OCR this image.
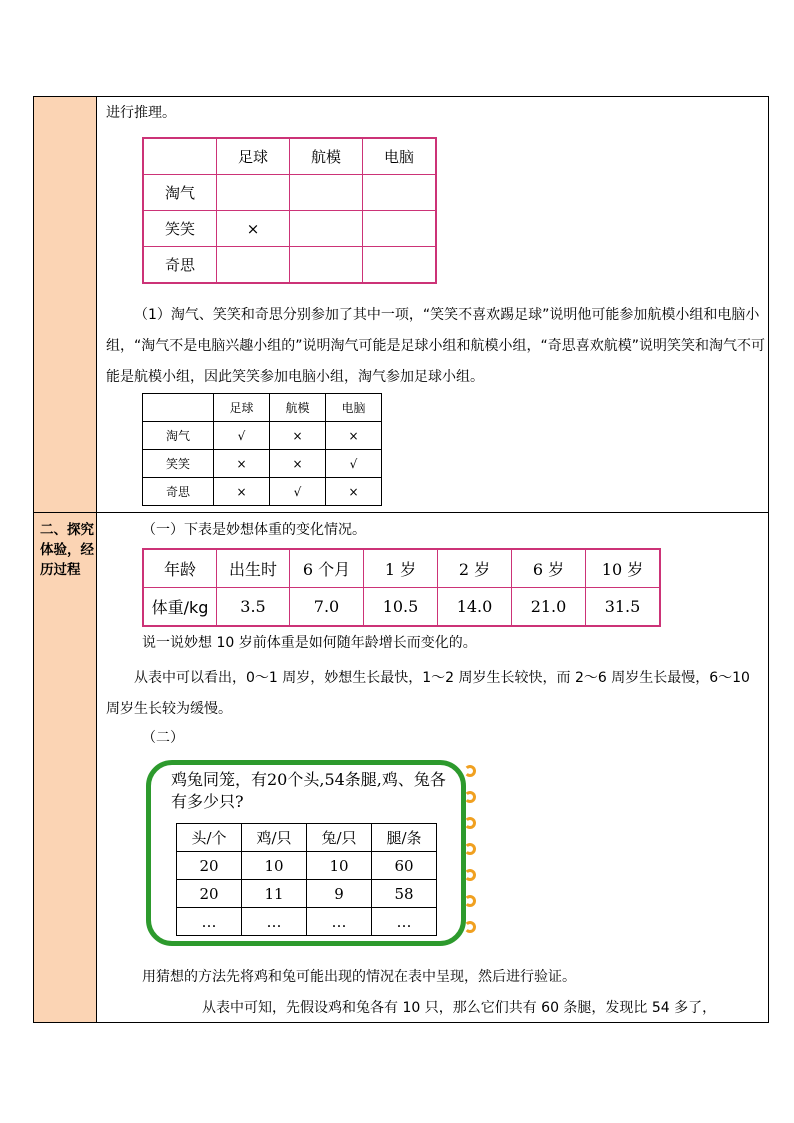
二、探究体验，经历过程
进行推理。
	足球	航模	电脑
淘气			
笑笑	×		
奇思			
（1）淘气、笑笑和奇思分别参加了其中一项，“笑笑不喜欢踢足球”说明他可能参加航模小组和电脑小组，“淘气不是电脑兴趣小组的”说明淘气可能是足球小组和航模小组，“奇思喜欢航模”说明笑笑和淘气不可能是航模小组，因此笑笑参加电脑小组，淘气参加足球小组。
	足球	航模	电脑
淘气	√	×	×
笑笑	×	×	√
奇思	×	√	×
（一）下表是妙想体重的变化情况。
年龄	出生时	6 个月	1 岁	2 岁	6 岁	10 岁
体重/kg	3.5	7.0	10.5	14.0	21.0	31.5
说一说妙想 10 岁前体重是如何随年龄增长而变化的。
从表中可以看出，0～1 周岁，妙想生长最快，1～2 周岁生长较快，而 2～6 周岁生长最慢，6～10 周岁生长较为缓慢。
（二）
鸡兔同笼，有20个头,54条腿,鸡、兔各有多少只?
头/个	鸡/只	兔/只	腿/条
20	10	10	60
20	11	9	58
…	…	…	…
用猜想的方法先将鸡和兔可能出现的情况在表中呈现，然后进行验证。
从表中可知，先假设鸡和兔各有 10 只，那么它们共有 60 条腿，发现比 54 多了，
